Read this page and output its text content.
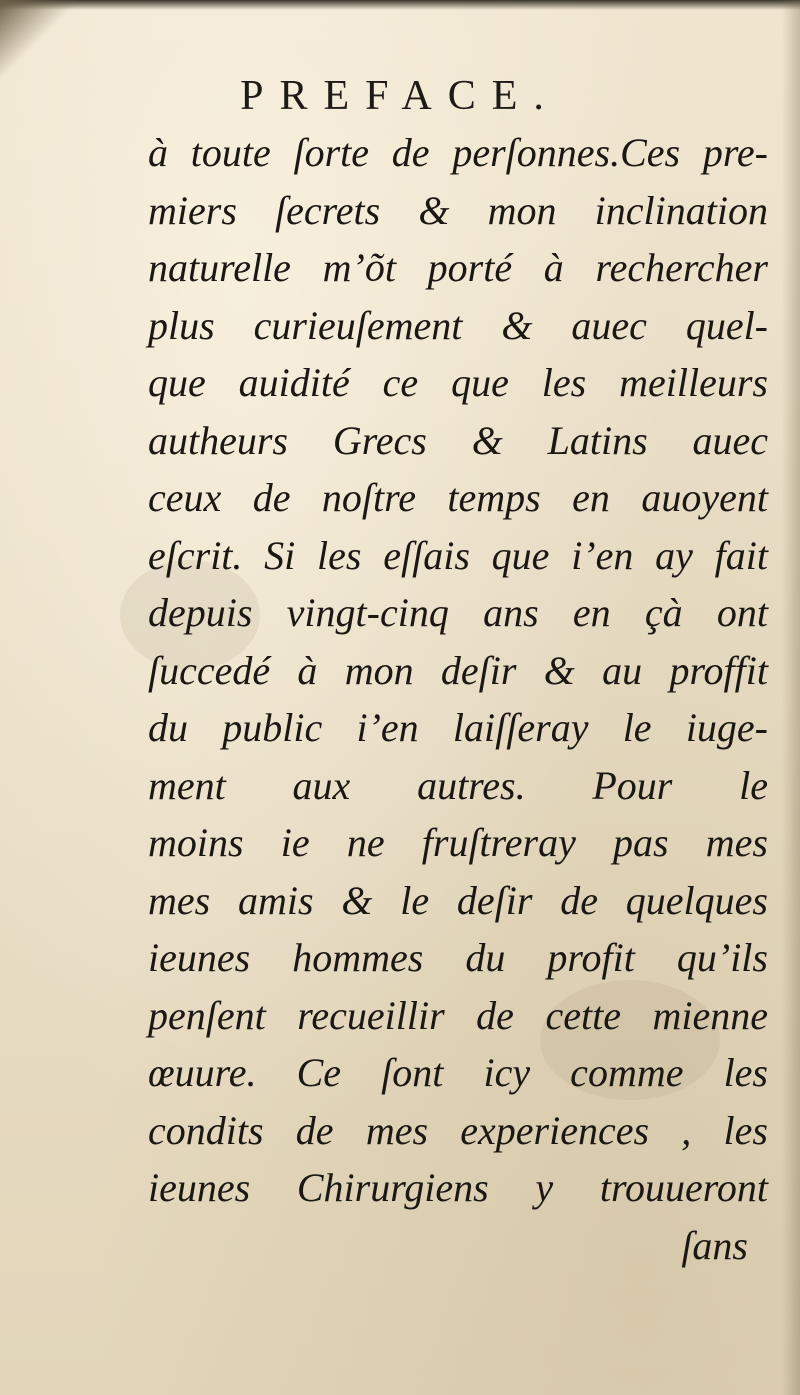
PREFACE.
à toute ſorte de perſonnes.Ces pre-
miers ſecrets & mon inclination
naturelle m’õt porté à rechercher
plus curieuſement & auec quel-
que auidité ce que les meilleurs
autheurs Grecs & Latins auec
ceux de noſtre temps en auoyent
eſcrit. Si les eſſais que i’en ay fait
depuis vingt-cinq ans en çà ont
ſuccedé à mon deſir & au proffit
du public i’en laiſſeray le iuge-
ment aux autres. Pour le
moins ie ne fruſtreray pas mes
mes amis & le deſir de quelques
ieunes hommes du profit qu’ils
penſent recueillir de cette mienne
œuure. Ce ſont icy comme les
condits de mes experiences , les
ieunes Chirurgiens y trouueront
ſans
